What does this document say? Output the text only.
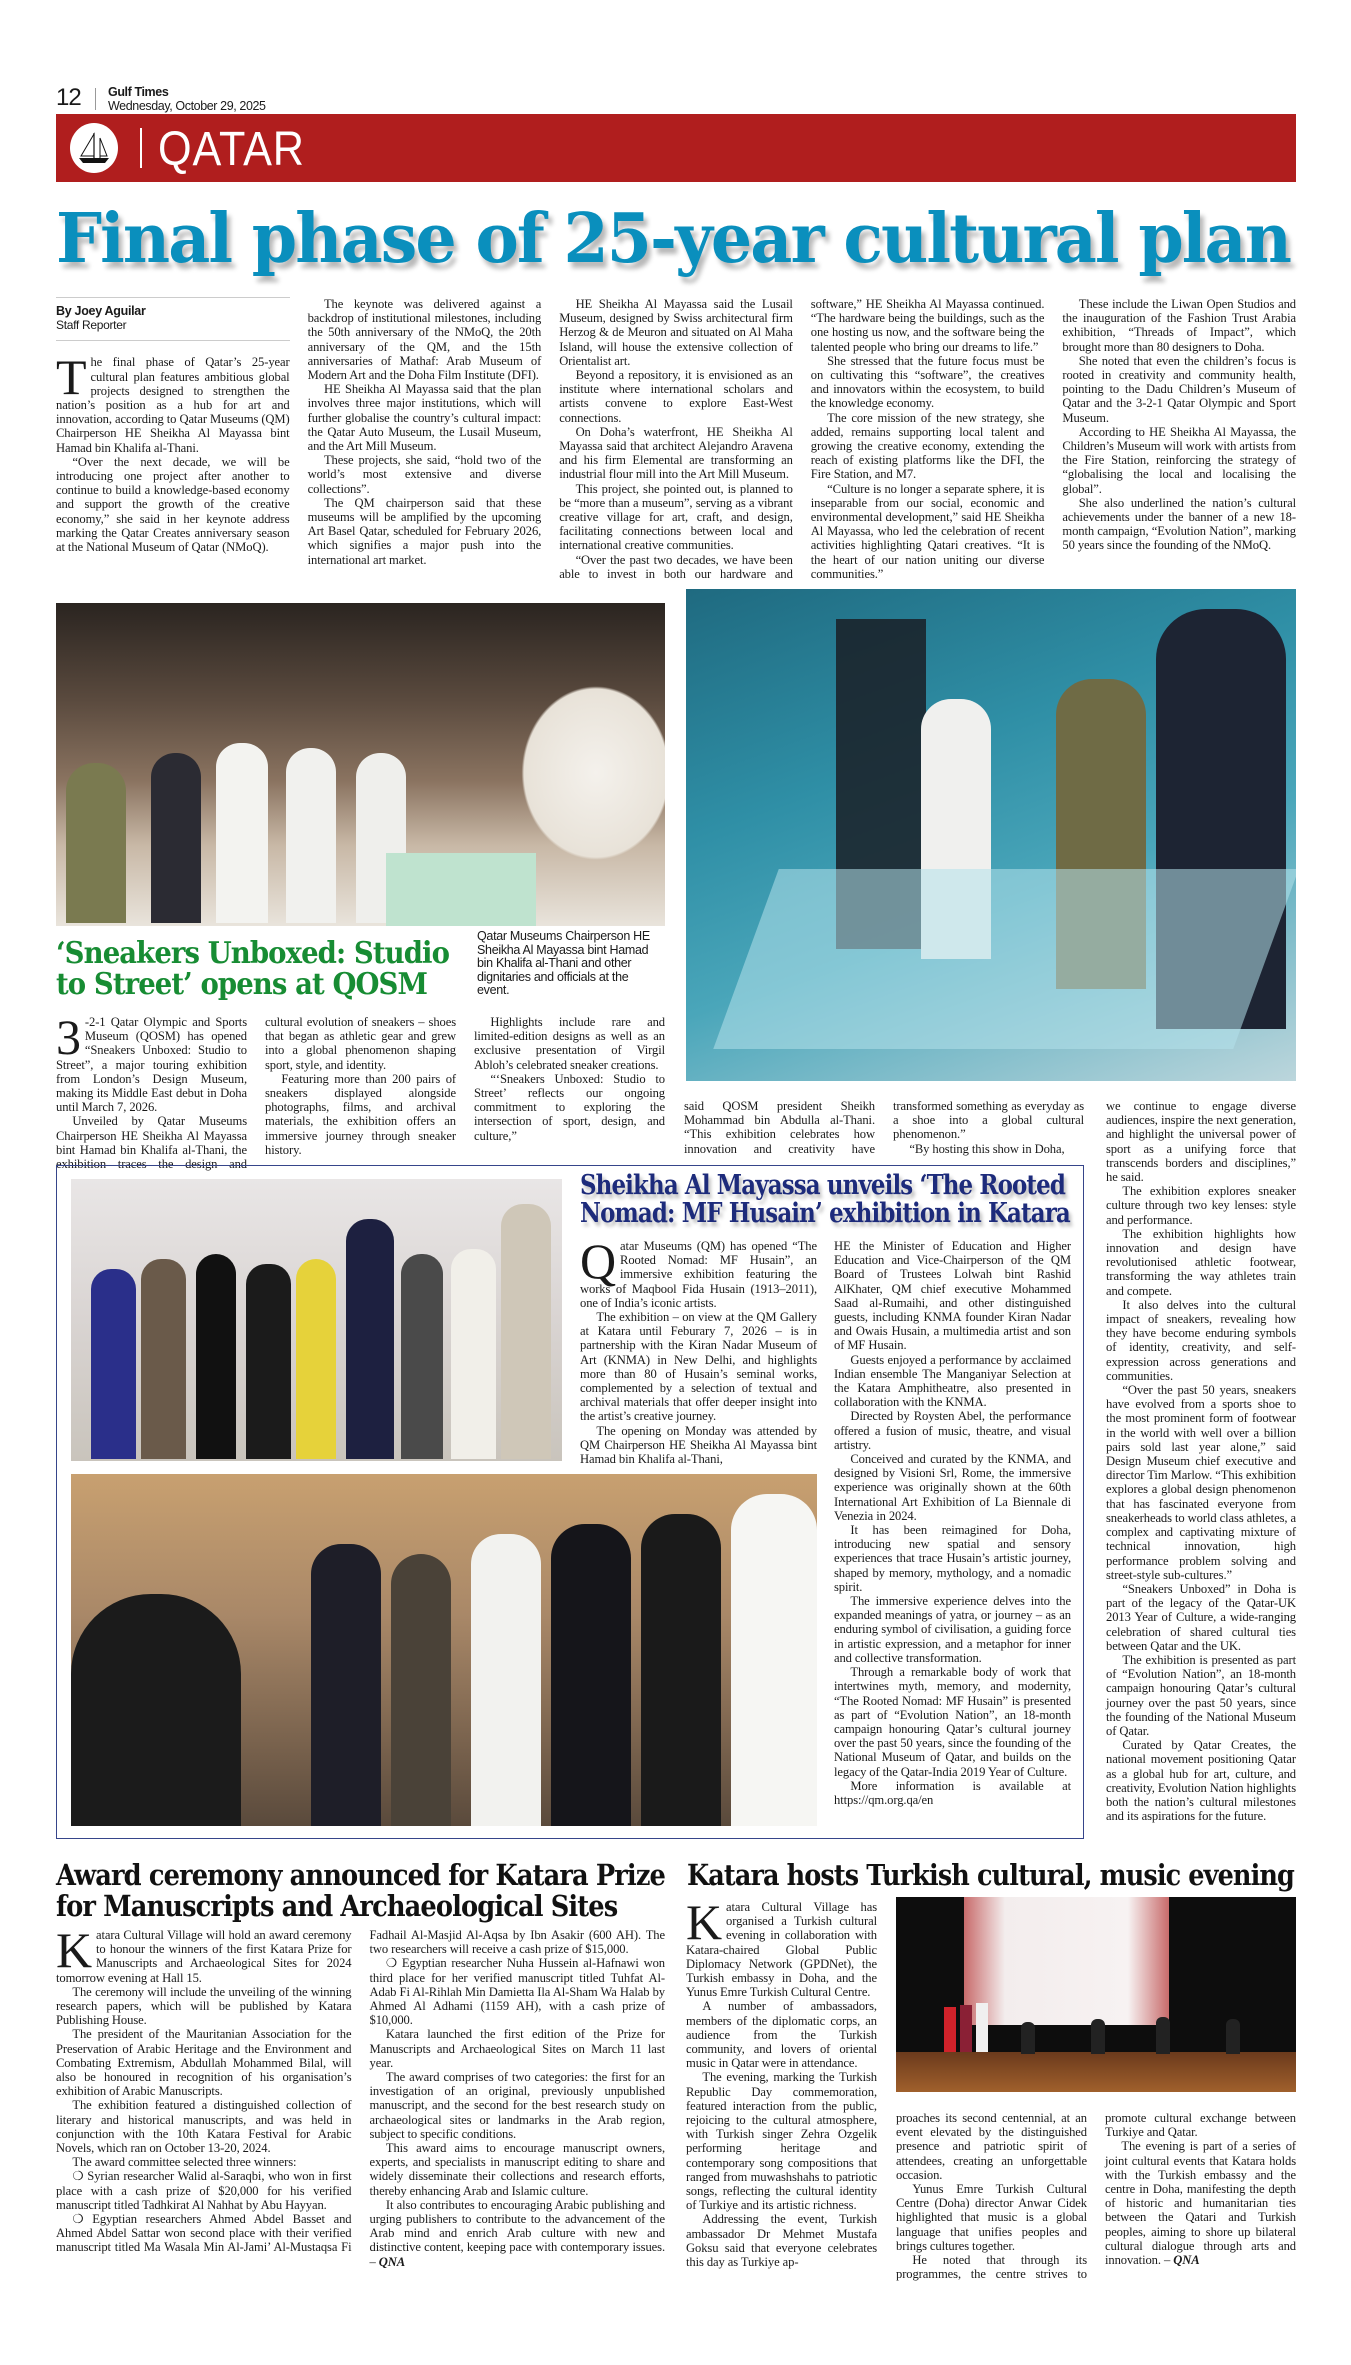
12 Gulf Times
Wednesday, October 29, 2025
QATAR
Final phase of 25-year cultural plan
By Joey Aguilar
Staff Reporter

The final phase of Qatar’s 25-year cultural plan features ambitious global projects designed to strengthen the nation’s position as a hub for art and innovation, according to Qatar Museums (QM) Chairperson HE Sheikha Al Mayassa bint Hamad bin Khalifa al-Thani.

“Over the next decade, we will be introducing one project after another to continue to build a knowledge-based economy and support the growth of the creative economy,” she said in her keynote address marking the Qatar Creates anniversary season at the National Museum of Qatar (NMoQ).

The keynote was delivered against a backdrop of institutional milestones, including the 50th anniversary of the NMoQ, the 20th anniversary of the QM, and the 15th anniversaries of Mathaf: Arab Museum of Modern Art and the Doha Film Institute (DFI).

HE Sheikha Al Mayassa said that the plan involves three major institutions, which will further globalise the country’s cultural impact: the Qatar Auto Museum, the Lusail Museum, and the Art Mill Museum.

These projects, she said, “hold two of the world’s most extensive and diverse collections”.

The QM chairperson said that these museums will be amplified by the upcoming Art Basel Qatar, scheduled for February 2026, which signifies a major push into the international art market.

HE Sheikha Al Mayassa said the Lusail Museum, designed by Swiss architectural firm Herzog & de Meuron and situated on Al Maha Island, will house the extensive collection of Orientalist art.

Beyond a repository, it is envisioned as an institute where international scholars and artists convene to explore East-West connections.

On Doha’s waterfront, HE Sheikha Al Mayassa said that architect Alejandro Aravena and his firm Elemental are transforming an industrial flour mill into the Art Mill Museum.

This project, she pointed out, is planned to be “more than a museum”, serving as a vibrant creative village for art, craft, and design, facilitating connections between local and international creative communities.

“Over the past two decades, we have been able to invest in both our hardware and software,” HE Sheikha Al Mayassa continued. “The hardware being the buildings, such as the one hosting us now, and the software being the talented people who bring our dreams to life.”

She stressed that the future focus must be on cultivating this “software”, the creatives and innovators within the ecosystem, to build the knowledge economy.

The core mission of the new strategy, she added, remains supporting local talent and growing the creative economy, extending the reach of existing platforms like the DFI, the Fire Station, and M7.

“Culture is no longer a separate sphere, it is inseparable from our social, economic and environmental development,” said HE Sheikha Al Mayassa, who led the celebration of recent activities highlighting Qatari creatives. “It is the heart of our nation uniting our diverse communities.”

These include the Liwan Open Studios and the inauguration of the Fashion Trust Arabia exhibition, “Threads of Impact”, which brought more than 80 designers to Doha.

She noted that even the children’s focus is rooted in creativity and community health, pointing to the Dadu Children’s Museum of Qatar and the 3-2-1 Qatar Olympic and Sport Museum.

According to HE Sheikha Al Mayassa, the Children’s Museum will work with artists from the Fire Station, reinforcing the strategy of “globalising the local and localising the global”.

She also underlined the nation’s cultural achievements under the banner of a new 18-month campaign, “Evolution Nation”, marking 50 years since the founding of the NMoQ.

‘Sneakers Unboxed: Studio
to Street’ opens at QOSM
Qatar Museums Chairperson HE Sheikha Al Mayassa bint Hamad bin Khalifa al-Thani and other dignitaries and officials at the event.

3-2-1 Qatar Olympic and Sports Museum (QOSM) has opened “Sneakers Unboxed: Studio to Street”, a major touring exhibition from London’s Design Museum, making its Middle East debut in Doha until March 7, 2026.

Unveiled by Qatar Museums Chairperson HE Sheikha Al Mayassa bint Hamad bin Khalifa al-Thani, the exhibition traces the design and cultural evolution of sneakers – shoes that began as athletic gear and grew into a global phenomenon shaping sport, style, and identity.

Featuring more than 200 pairs of sneakers displayed alongside photographs, films, and archival materials, the exhibition offers an immersive journey through sneaker history.

Highlights include rare and limited-edition designs as well as an exclusive presentation of Virgil Abloh’s celebrated sneaker creations.

“‘Sneakers Unboxed: Studio to Street’ reflects our ongoing commitment to exploring the intersection of sport, design, and culture,”

said QOSM president Sheikh Mohammad bin Abdulla al-Thani. “This exhibition celebrates how innovation and creativity have transformed something as everyday as a shoe into a global cultural phenomenon.”

“By hosting this show in Doha,

we continue to engage diverse audiences, inspire the next generation, and highlight the universal power of sport as a unifying force that transcends borders and disciplines,” he said.

The exhibition explores sneaker culture through two key lenses: style and performance.

The exhibition highlights how innovation and design have revolutionised athletic footwear, transforming the way athletes train and compete.

It also delves into the cultural impact of sneakers, revealing how they have become enduring symbols of identity, creativity, and self-expression across generations and communities.

“Over the past 50 years, sneakers have evolved from a sports shoe to the most prominent form of footwear in the world with well over a billion pairs sold last year alone,” said Design Museum chief executive and director Tim Marlow. “This exhibition explores a global design phenomenon that has fascinated everyone from sneakerheads to world class athletes, a complex and captivating mixture of technical innovation, high performance problem solving and street-style sub-cultures.”

“Sneakers Unboxed” in Doha is part of the legacy of the Qatar-UK 2013 Year of Culture, a wide-ranging celebration of shared cultural ties between Qatar and the UK.

The exhibition is presented as part of “Evolution Nation”, an 18-month campaign honouring Qatar’s cultural journey over the past 50 years, since the founding of the National Museum of Qatar.

Curated by Qatar Creates, the national movement positioning Qatar as a global hub for art, culture, and creativity, Evolution Nation highlights both the nation’s cultural milestones and its aspirations for the future.

Sheikha Al Mayassa unveils ‘The Rooted
Nomad: MF Husain’ exhibition in Katara

Qatar Museums (QM) has opened “The Rooted Nomad: MF Husain”, an immersive exhibition featuring the works of Maqbool Fida Husain (1913–2011), one of India’s iconic artists.

The exhibition – on view at the QM Gallery at Katara until Feburary 7, 2026 – is in partnership with the Kiran Nadar Museum of Art (KNMA) in New Delhi, and highlights more than 80 of Husain’s seminal works, complemented by a selection of textual and archival materials that offer deeper insight into the artist’s creative journey.

The opening on Monday was attended by QM Chairperson HE Sheikha Al Mayassa bint Hamad bin Khalifa al-Thani,

HE the Minister of Education and Higher Education and Vice-Chairperson of the QM Board of Trustees Lolwah bint Rashid AlKhater, QM chief executive Mohammed Saad al-Rumaihi, and other distinguished guests, including KNMA founder Kiran Nadar and Owais Husain, a multimedia artist and son of MF Husain.

Guests enjoyed a performance by acclaimed Indian ensemble The Manganiyar Selection at the Katara Amphitheatre, also presented in collaboration with the KNMA.

Directed by Roysten Abel, the performance offered a fusion of music, theatre, and visual artistry.

Conceived and curated by the KNMA, and designed by Visioni Srl, Rome, the immersive experience was originally shown at the 60th International Art Exhibition of La Biennale di Venezia in 2024.

It has been reimagined for Doha, introducing new spatial and sensory experiences that trace Husain’s artistic journey, shaped by memory, mythology, and a nomadic spirit.

The immersive experience delves into the expanded meanings of yatra, or journey – as an enduring symbol of civilisation, a guiding force in artistic expression, and a metaphor for inner and collective transformation.

Through a remarkable body of work that intertwines myth, memory, and modernity, “The Rooted Nomad: MF Husain” is presented as part of “Evolution Nation”, an 18-month campaign honouring Qatar’s cultural journey over the past 50 years, since the founding of the National Museum of Qatar, and builds on the legacy of the Qatar-India 2019 Year of Culture.

More information is available at https://qm.org.qa/en

Award ceremony announced for Katara Prize
for Manuscripts and Archaeological Sites

Katara Cultural Village will hold an award ceremony to honour the winners of the first Katara Prize for Manuscripts and Archaeological Sites for 2024 tomorrow evening at Hall 15.

The ceremony will include the unveiling of the winning research papers, which will be published by Katara Publishing House.

The president of the Mauritanian Association for the Preservation of Arabic Heritage and the Environment and Combating Extremism, Abdullah Mohammed Bilal, will also be honoured in recognition of his organisation’s exhibition of Arabic Manuscripts.

The exhibition featured a distinguished collection of literary and historical manuscripts, and was held in conjunction with the 10th Katara Festival for Arabic Novels, which ran on October 13-20, 2024.

The award committee selected three winners:

❍ Syrian researcher Walid al-Saraqbi, who won in first place with a cash prize of $20,000 for his verified manuscript titled Tadhkirat Al Nahhat by Abu Hayyan.

❍ Egyptian researchers Ahmed Abdel Basset and Ahmed Abdel Sattar won second place with their verified manuscript titled Ma Wasala Min Al-Jami’ Al-Mustaqsa Fi Fadhail Al-Masjid Al-Aqsa by Ibn Asakir (600 AH). The two researchers will receive a cash prize of $15,000.

❍ Egyptian researcher Nuha Hussein al-Hafnawi won third place for her verified manuscript titled Tuhfat Al-Adab Fi Al-Rihlah Min Damietta Ila Al-Sham Wa Halab by Ahmed Al Adhami (1159 AH), with a cash prize of $10,000.

Katara launched the first edition of the Prize for Manuscripts and Archaeological Sites on March 11 last year.

The award comprises of two categories: the first for an investigation of an original, previously unpublished manuscript, and the second for the best research study on archaeological sites or landmarks in the Arab region, subject to specific conditions.

This award aims to encourage manuscript owners, experts, and specialists in manuscript editing to share and widely disseminate their collections and research efforts, thereby enhancing Arab and Islamic culture.

It also contributes to encouraging Arabic publishing and urging publishers to contribute to the advancement of the Arab mind and enrich Arab culture with new and distinctive content, keeping pace with contemporary issues. – QNA

Katara hosts Turkish cultural, music evening

Katara Cultural Village has organised a Turkish cultural evening in collaboration with Katara-chaired Global Public Diplomacy Network (GPDNet), the Turkish embassy in Doha, and the Yunus Emre Turkish Cultural Centre.

A number of ambassadors, members of the diplomatic corps, an audience from the Turkish community, and lovers of oriental music in Qatar were in attendance.

The evening, marking the Turkish Republic Day commemoration, featured interaction from the public, rejoicing to the cultural atmosphere, with Turkish singer Zehra Ozgelik performing heritage and contemporary song compositions that ranged from muwashshahs to patriotic songs, reflecting the cultural identity of Turkiye and its artistic richness.

Addressing the event, Turkish ambassador Dr Mehmet Mustafa Goksu said that everyone celebrates this day as Turkiye ap-

proaches its second centennial, at an event elevated by the distinguished presence and patriotic spirit of attendees, creating an unforgettable occasion.

Yunus Emre Turkish Cultural Centre (Doha) director Anwar Cidek highlighted that music is a global language that unifies peoples and brings cultures together.

He noted that through its programmes, the centre strives to promote cultural exchange between Turkiye and Qatar.

The evening is part of a series of joint cultural events that Katara holds with the Turkish embassy and the centre in Doha, manifesting the depth of historic and humanitarian ties between the Qatari and Turkish peoples, aiming to shore up bilateral cultural dialogue through arts and innovation. – QNA
